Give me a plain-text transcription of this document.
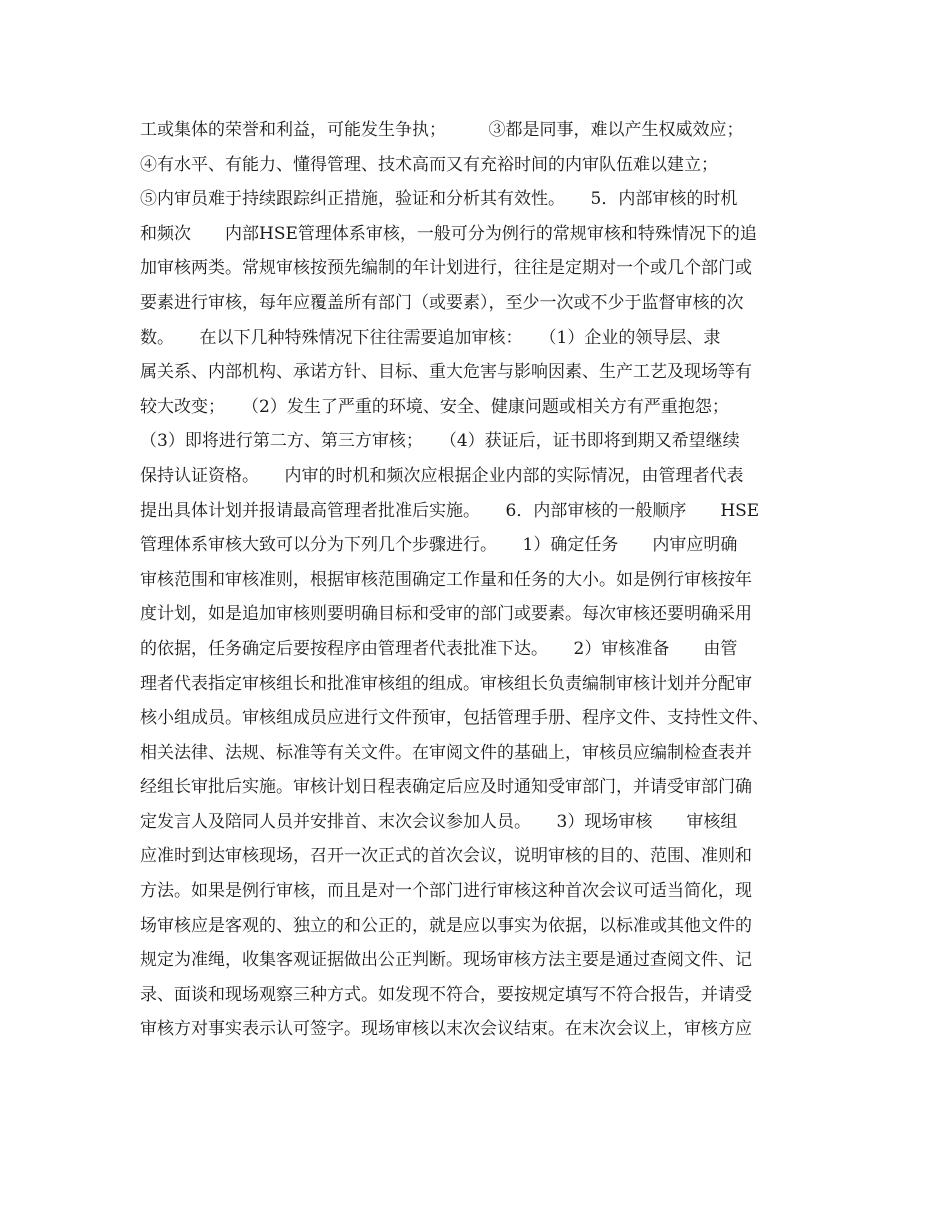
工或集体的荣誉和利益，可能发生争执；　　　③都是同事，难以产生权威效应；
④有水平、有能力、懂得管理、技术高而又有充裕时间的内审队伍难以建立；
⑤内审员难于持续跟踪纠正措施，验证和分析其有效性。　　5．内部审核的时机
和频次　　内部HSE管理体系审核，一般可分为例行的常规审核和特殊情况下的追
加审核两类。常规审核按预先编制的年计划进行，往往是定期对一个或几个部门或
要素进行审核，每年应覆盖所有部门（或要素），至少一次或不少于监督审核的次
数。　　在以下几种特殊情况下往往需要追加审核：　　（1）企业的领导层、隶
属关系、内部机构、承诺方针、目标、重大危害与影响因素、生产工艺及现场等有
较大改变；　　（2）发生了严重的环境、安全、健康问题或相关方有严重抱怨；
（3）即将进行第二方、第三方审核；　　（4）获证后，证书即将到期又希望继续
保持认证资格。　　内审的时机和频次应根据企业内部的实际情况，由管理者代表
提出具体计划并报请最高管理者批准后实施。　　6．内部审核的一般顺序　　HSE
管理体系审核大致可以分为下列几个步骤进行。　　1）确定任务　　内审应明确
审核范围和审核准则，根据审核范围确定工作量和任务的大小。如是例行审核按年
度计划，如是追加审核则要明确目标和受审的部门或要素。每次审核还要明确采用
的依据，任务确定后要按程序由管理者代表批准下达。　　2）审核准备　　由管
理者代表指定审核组长和批准审核组的组成。审核组长负责编制审核计划并分配审
核小组成员。审核组成员应进行文件预审，包括管理手册、程序文件、支持性文件、
相关法律、法规、标准等有关文件。在审阅文件的基础上，审核员应编制检查表并
经组长审批后实施。审核计划日程表确定后应及时通知受审部门，并请受审部门确
定发言人及陪同人员并安排首、末次会议参加人员。　　3）现场审核　　审核组
应准时到达审核现场，召开一次正式的首次会议，说明审核的目的、范围、准则和
方法。如果是例行审核，而且是对一个部门进行审核这种首次会议可适当简化，现
场审核应是客观的、独立的和公正的，就是应以事实为依据，以标准或其他文件的
规定为准绳，收集客观证据做出公正判断。现场审核方法主要是通过查阅文件、记
录、面谈和现场观察三种方式。如发现不符合，要按规定填写不符合报告，并请受
审核方对事实表示认可签字。现场审核以末次会议结束。在末次会议上，审核方应
